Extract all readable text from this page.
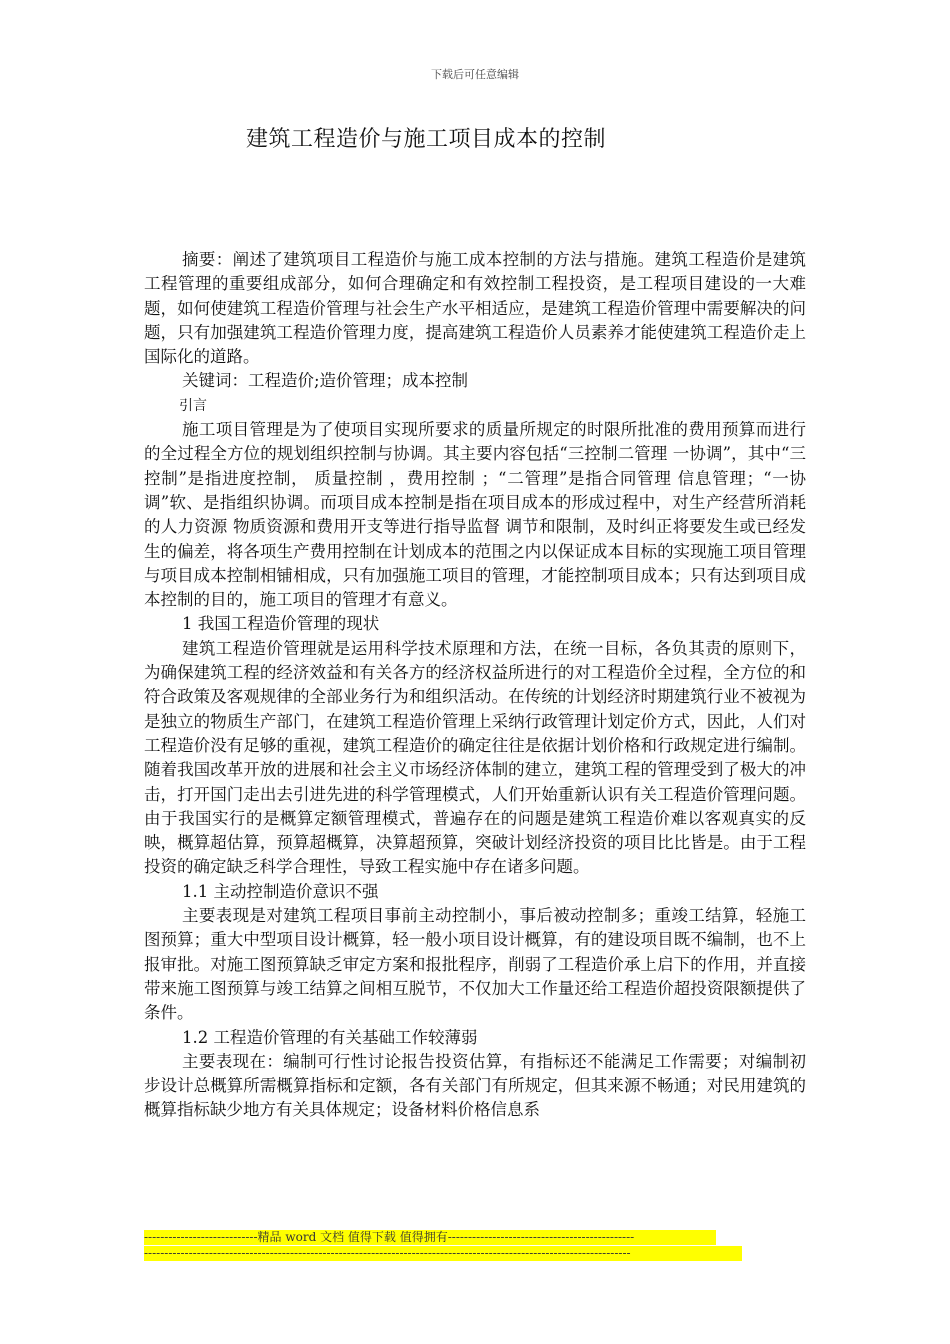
下载后可任意编辑
建筑工程造价与施工项目成本的控制

摘要：阐述了建筑项目工程造价与施工成本控制的方法与措施。建筑工程造价是建筑工程管理的重要组成部分，如何合理确定和有效控制工程投资，是工程项目建设的一大难题，如何使建筑工程造价管理与社会生产水平相适应，是建筑工程造价管理中需要解决的问题，只有加强建筑工程造价管理力度，提高建筑工程造价人员素养才能使建筑工程造价走上国际化的道路。

关键词：工程造价;造价管理；成本控制

引言

施工项目管理是为了使项目实现所要求的质量所规定的时限所批准的费用预算而进行的全过程全方位的规划组织控制与协调。其主要内容包括“三控制二管理 一协调”，其中“三控制”是指进度控制， 质量控制 ，费用控制 ；“二管理”是指合同管理 信息管理；“一协调”软、是指组织协调。而项目成本控制是指在项目成本的形成过程中，对生产经营所消耗的人力资源 物质资源和费用开支等进行指导监督 调节和限制，及时纠正将要发生或已经发生的偏差，将各项生产费用控制在计划成本的范围之内以保证成本目标的实现施工项目管理与项目成本控制相铺相成，只有加强施工项目的管理，才能控制项目成本；只有达到项目成本控制的目的，施工项目的管理才有意义。

1 我国工程造价管理的现状

建筑工程造价管理就是运用科学技术原理和方法，在统一目标，各负其责的原则下，为确保建筑工程的经济效益和有关各方的经济权益所进行的对工程造价全过程，全方位的和符合政策及客观规律的全部业务行为和组织活动。在传统的计划经济时期建筑行业不被视为是独立的物质生产部门，在建筑工程造价管理上采纳行政管理计划定价方式，因此，人们对工程造价没有足够的重视，建筑工程造价的确定往往是依据计划价格和行政规定进行编制。随着我国改革开放的进展和社会主义市场经济体制的建立，建筑工程的管理受到了极大的冲击，打开国门走出去引进先进的科学管理模式，人们开始重新认识有关工程造价管理问题。由于我国实行的是概算定额管理模式，普遍存在的问题是建筑工程造价难以客观真实的反映，概算超估算，预算超概算，决算超预算，突破计划经济投资的项目比比皆是。由于工程投资的确定缺乏科学合理性，导致工程实施中存在诸多问题。

1.1 主动控制造价意识不强

主要表现是对建筑工程项目事前主动控制小，事后被动控制多；重竣工结算，轻施工图预算；重大中型项目设计概算，轻一般小项目设计概算，有的建设项目既不编制，也不上报审批。对施工图预算缺乏审定方案和报批程序，削弱了工程造价承上启下的作用，并直接带来施工图预算与竣工结算之间相互脱节，不仅加大工作量还给工程造价超投资限额提供了条件。

1.2 工程造价管理的有关基础工作较薄弱

主要表现在：编制可行性讨论报告投资估算，有指标还不能满足工作需要；对编制初步设计总概算所需概算指标和定额，各有关部门有所规定，但其来源不畅通；对民用建筑的概算指标缺少地方有关具体规定；设备材料价格信息系

----------------------------精品 word 文档 值得下载 值得拥有----------------------------------------------
------------------------------------------------------------------------------------------------------------------------
